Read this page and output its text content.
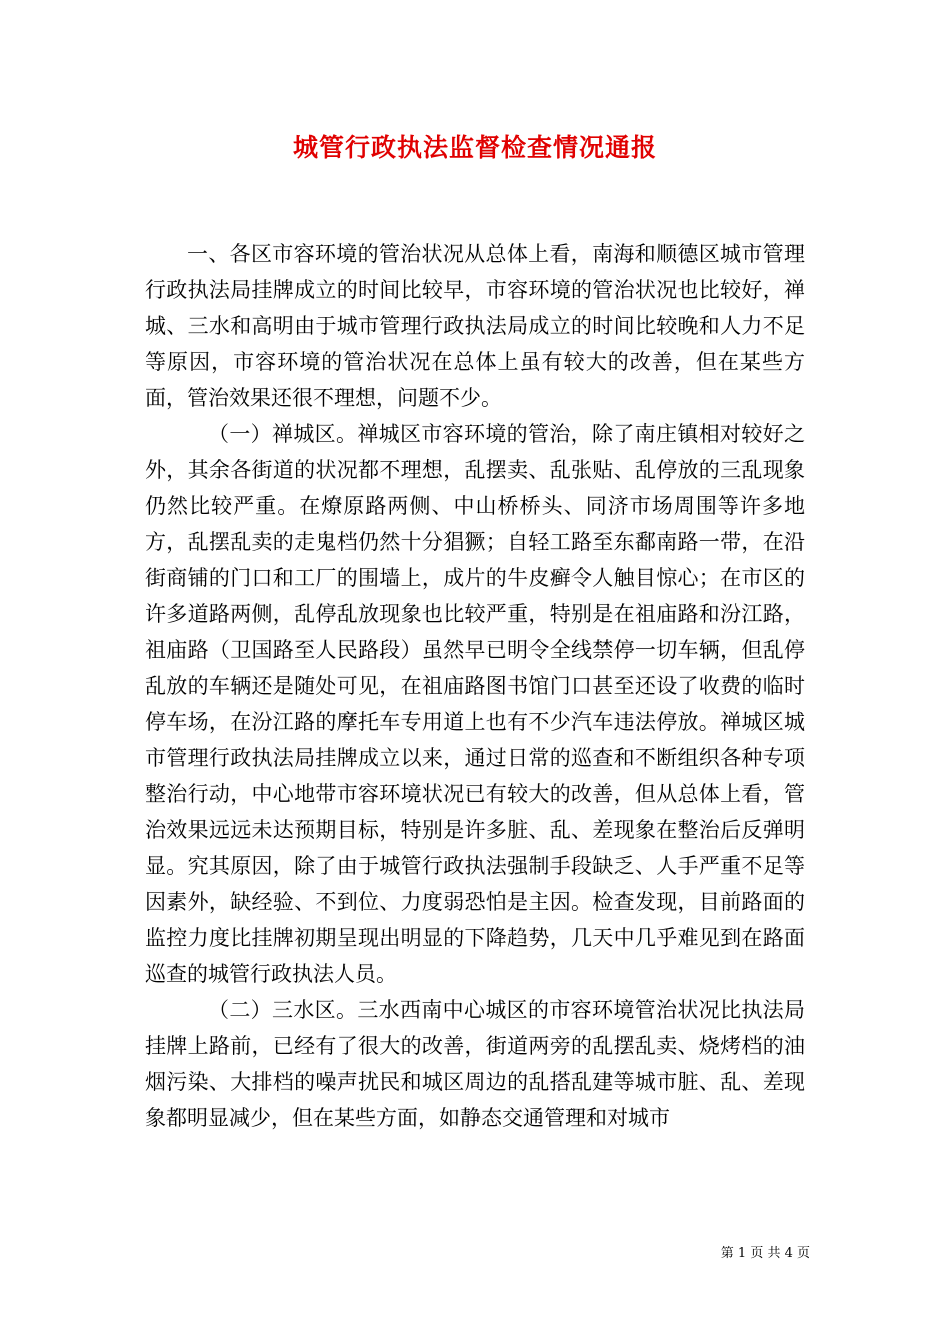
城管行政执法监督检查情况通报

一、各区市容环境的管治状况从总体上看，南海和顺德区城市管理行政执法局挂牌成立的时间比较早，市容环境的管治状况也比较好，禅城、三水和高明由于城市管理行政执法局成立的时间比较晚和人力不足等原因，市容环境的管治状况在总体上虽有较大的改善，但在某些方面，管治效果还很不理想，问题不少。

（一）禅城区。禅城区市容环境的管治，除了南庄镇相对较好之外，其余各街道的状况都不理想，乱摆卖、乱张贴、乱停放的三乱现象仍然比较严重。在燎原路两侧、中山桥桥头、同济市场周围等许多地方，乱摆乱卖的走鬼档仍然十分猖獗；自轻工路至东鄱南路一带，在沿街商铺的门口和工厂的围墙上，成片的牛皮癣令人触目惊心；在市区的许多道路两侧，乱停乱放现象也比较严重，特别是在祖庙路和汾江路，祖庙路（卫国路至人民路段）虽然早已明令全线禁停一切车辆，但乱停乱放的车辆还是随处可见，在祖庙路图书馆门口甚至还设了收费的临时停车场，在汾江路的摩托车专用道上也有不少汽车违法停放。禅城区城市管理行政执法局挂牌成立以来，通过日常的巡查和不断组织各种专项整治行动，中心地带市容环境状况已有较大的改善，但从总体上看，管治效果远远未达预期目标，特别是许多脏、乱、差现象在整治后反弹明显。究其原因，除了由于城管行政执法强制手段缺乏、人手严重不足等因素外，缺经验、不到位、力度弱恐怕是主因。检查发现，目前路面的监控力度比挂牌初期呈现出明显的下降趋势，几天中几乎难见到在路面巡查的城管行政执法人员。

（二）三水区。三水西南中心城区的市容环境管治状况比执法局挂牌上路前，已经有了很大的改善，街道两旁的乱摆乱卖、烧烤档的油烟污染、大排档的噪声扰民和城区周边的乱搭乱建等城市脏、乱、差现象都明显减少，但在某些方面，如静态交通管理和对城市

第 1 页 共 4 页
